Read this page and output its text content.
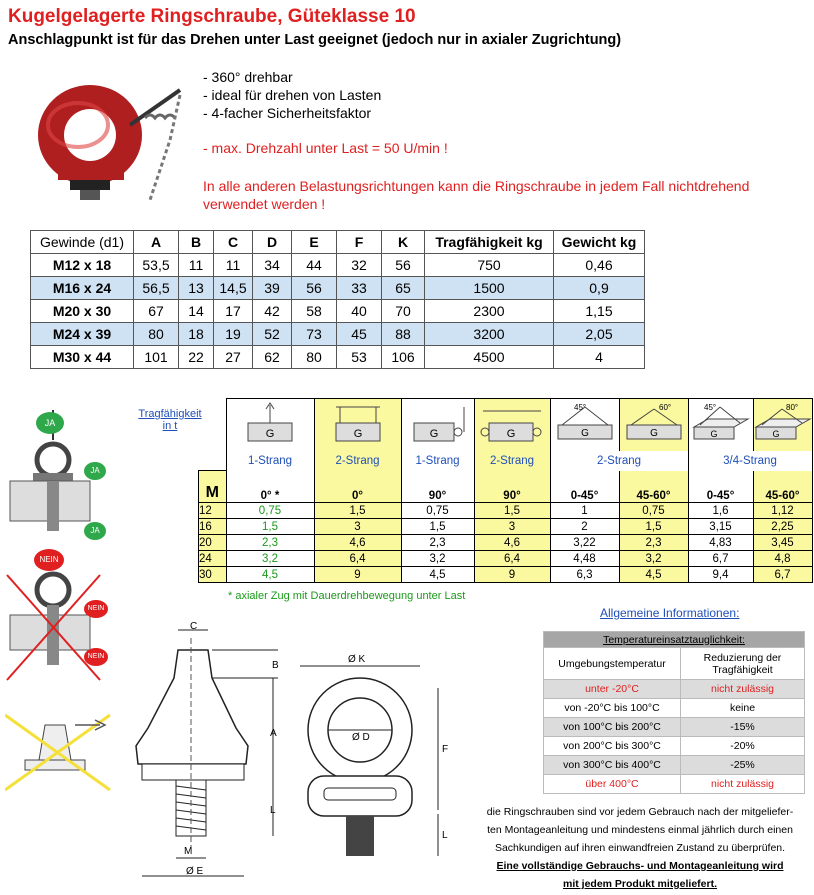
Kugelgelagerte Ringschraube, Güteklasse 10
Anschlagpunkt ist für das Drehen unter Last geeignet (jedoch nur in axialer Zugrichtung)
- 360° drehbar
- ideal für drehen von Lasten
- 4-facher Sicherheitsfaktor
- max. Drehzahl unter Last = 50 U/min !
In alle anderen Belastungsrichtungen kann die Ringschraube in jedem Fall nichtdrehend verwendet werden !
Gewinde (d1)	A	B	C	D	E	F	K	Tragfähigkeit kg	Gewicht kg
M12 x 18	53,5	11	11	34	44	32	56	750	0,46
M16 x 24	56,5	13	14,5	39	56	33	65	1500	0,9
M20 x 30	67	14	17	42	58	40	70	2300	1,15
M24 x 39	80	18	19	52	73	45	88	3200	2,05
M30 x 44	101	22	27	62	80	53	106	4500	4
JA
JA
JA
NEIN
NEIN
NEIN
Tragfähigkeit
in t

G	G	G	G	G
45°	G
60°	G
45°	G
80°

	1-Strang	2-Strang	1-Strang	2-Strang	2-Strang		3/4-Strang	
M	0° *	0°	90°	90°	0-45°	45-60°	0-45°	45-60°
12	0,75	1,5	0,75	1,5	1	0,75	1,6	1,12
16	1,5	3	1,5	3	2	1,5	3,15	2,25
20	2,3	4,6	2,3	4,6	3,22	2,3	4,83	3,45
24	3,2	6,4	3,2	6,4	4,48	3,2	6,7	4,8
30	4,5	9	4,5	9	6,3	4,5	9,4	6,7
* axialer Zug mit Dauerdrehbewegung unter Last
C
B
A
L
M
Ø E
Ø K
Ø D
F
L
Allgemeine Informationen:
Temperatureinsatztauglichkeit:	
Umgebungstemperatur	Reduzierung der Tragfähigkeit
unter -20°C	nicht zulässig
von -20°C bis 100°C	keine
von 100°C bis 200°C	-15%
von 200°C bis 300°C	-20%
von 300°C bis 400°C	-25%
über 400°C	nicht zulässig
die Ringschrauben sind vor jedem Gebrauch nach der mitgeliefer-
ten Montageanleitung und mindestens einmal jährlich durch einen
Sachkundigen auf ihren einwandfreien Zustand zu überprüfen.
Eine vollständige Gebrauchs- und Montageanleitung wird
mit jedem Produkt mitgeliefert.
